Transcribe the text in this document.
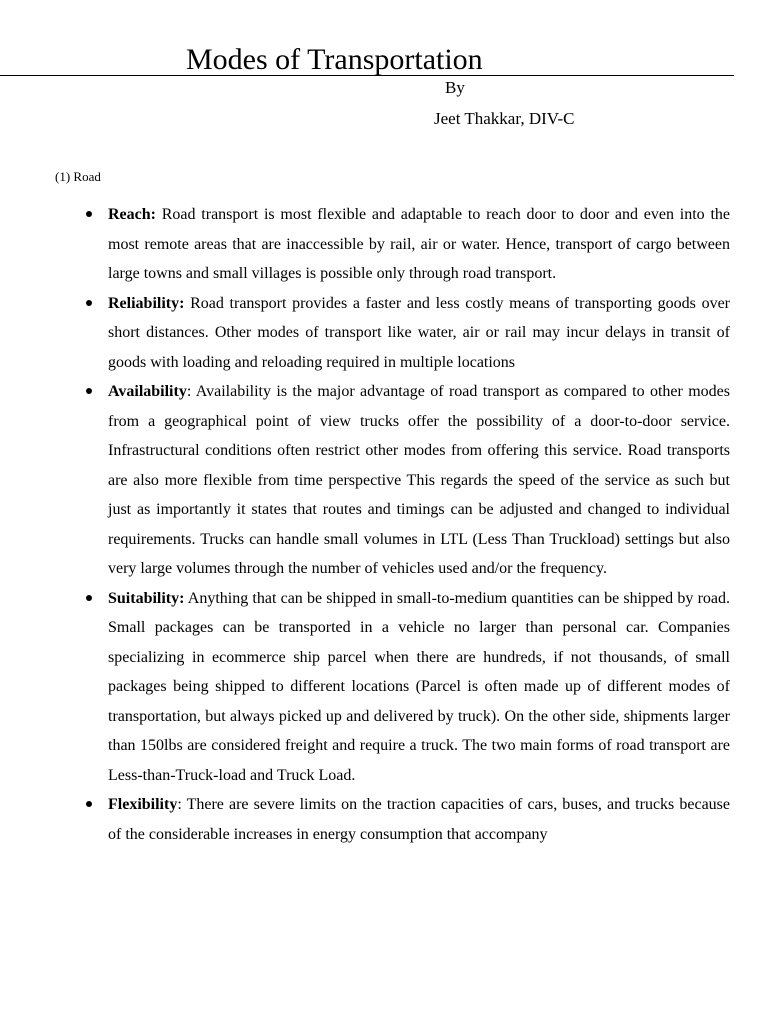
Modes of Transportation
By
Jeet Thakkar, DIV-C
(1) Road
Reach: Road transport is most flexible and adaptable to reach door to door and even into the most remote areas that are inaccessible by rail, air or water. Hence, transport of cargo between large towns and small villages is possible only through road transport.
Reliability: Road transport provides a faster and less costly means of transporting goods over short distances. Other modes of transport like water, air or rail may incur delays in transit of goods with loading and reloading required in multiple locations
Availability: Availability is the major advantage of road transport as compared to other modes from a geographical point of view trucks offer the possibility of a door-to-door service. Infrastructural conditions often restrict other modes from offering this service. Road transports are also more flexible from time perspective This regards the speed of the service as such but just as importantly it states that routes and timings can be adjusted and changed to individual requirements. Trucks can handle small volumes in LTL (Less Than Truckload) settings but also very large volumes through the number of vehicles used and/or the frequency.
Suitability: Anything that can be shipped in small-to-medium quantities can be shipped by road. Small packages can be transported in a vehicle no larger than personal car. Companies specializing in ecommerce ship parcel when there are hundreds, if not thousands, of small packages being shipped to different locations (Parcel is often made up of different modes of transportation, but always picked up and delivered by truck). On the other side, shipments larger than 150lbs are considered freight and require a truck. The two main forms of road transport are Less-than-Truck-load and Truck Load.
Flexibility: There are severe limits on the traction capacities of cars, buses, and trucks because of the considerable increases in energy consumption that accompany
